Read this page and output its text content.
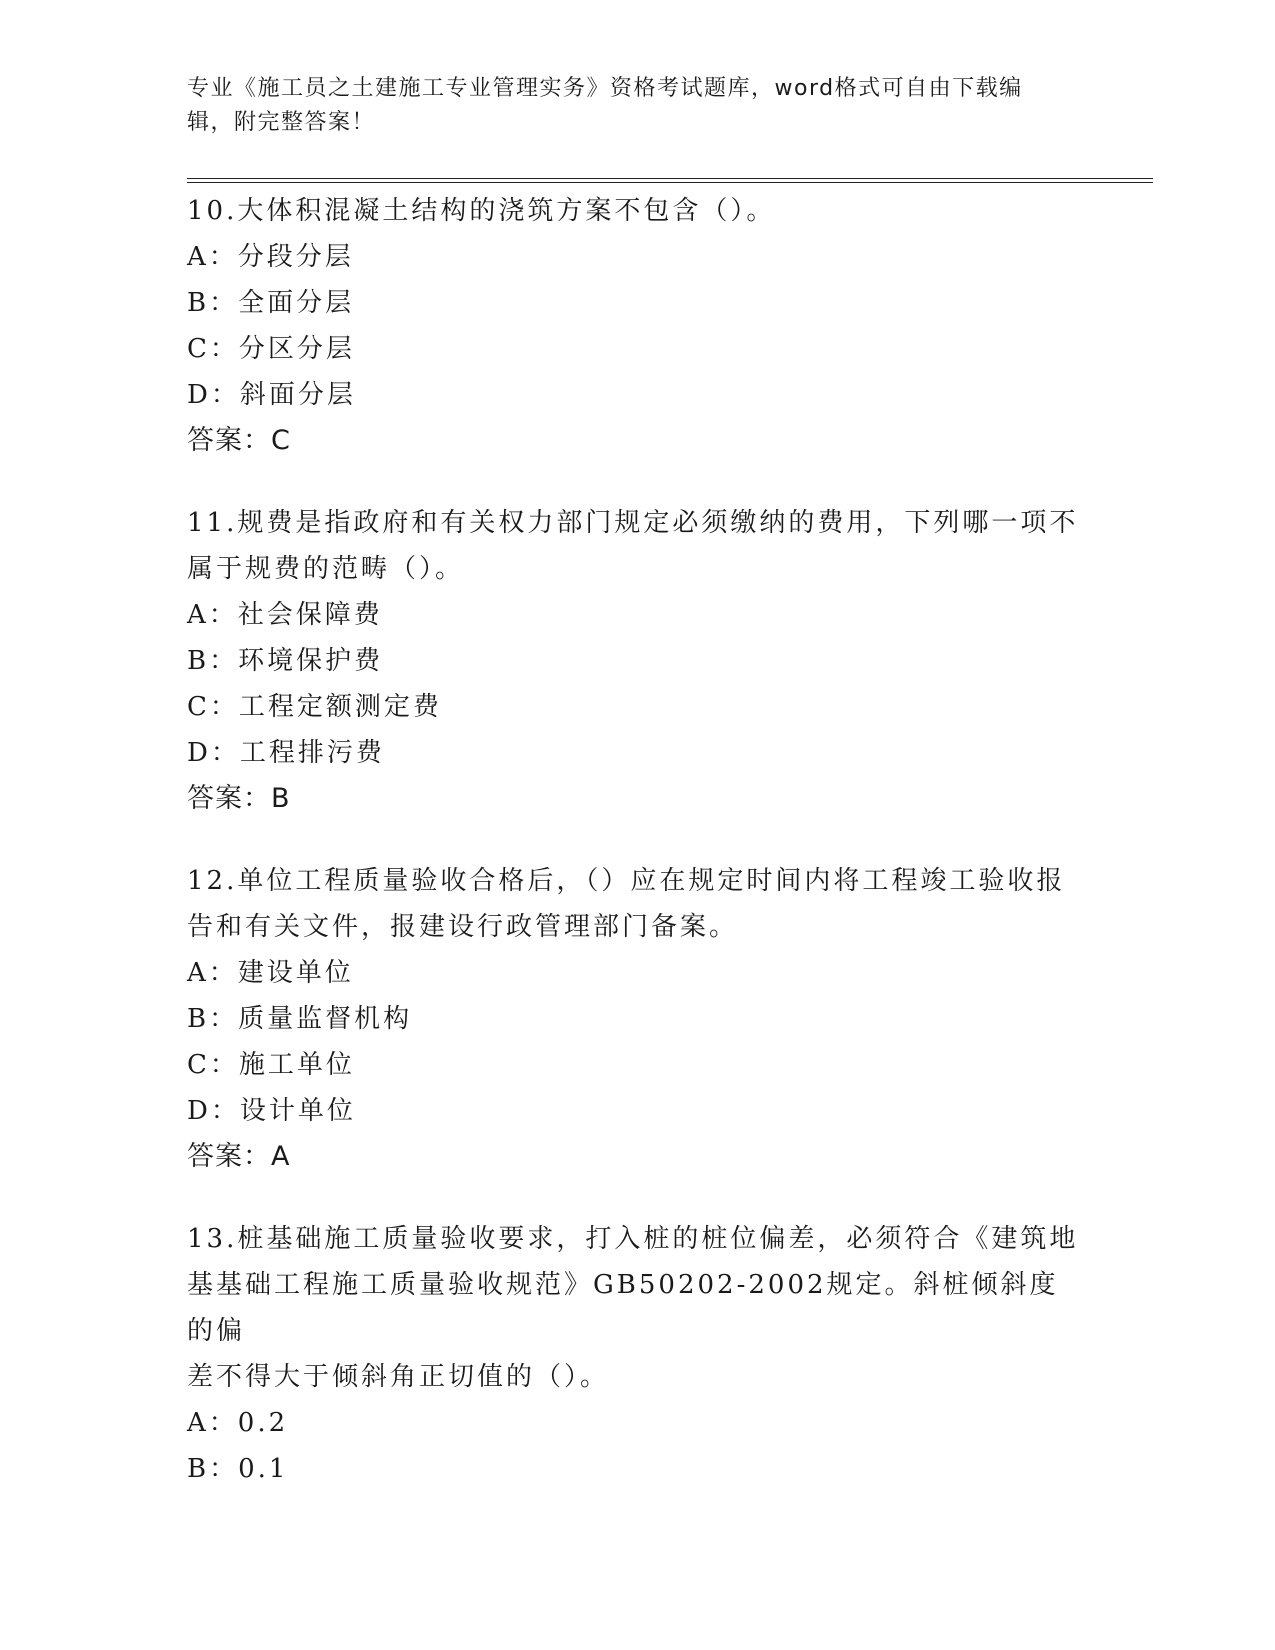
专业《施工员之土建施工专业管理实务》资格考试题库，word格式可自由下载编
辑，附完整答案！
10.大体积混凝土结构的浇筑方案不包含（）。
A：分段分层
B：全面分层
C：分区分层
D：斜面分层
答案：C
11.规费是指政府和有关权力部门规定必须缴纳的费用，下列哪一项不
属于规费的范畴（）。
A：社会保障费
B：环境保护费
C：工程定额测定费
D：工程排污费
答案：B
12.单位工程质量验收合格后，（）应在规定时间内将工程竣工验收报
告和有关文件，报建设行政管理部门备案。
A：建设单位
B：质量监督机构
C：施工单位
D：设计单位
答案：A
13.桩基础施工质量验收要求，打入桩的桩位偏差，必须符合《建筑地
基基础工程施工质量验收规范》GB50202-2002规定。斜桩倾斜度的偏
差不得大于倾斜角正切值的（）。
A：0.2
B：0.1
